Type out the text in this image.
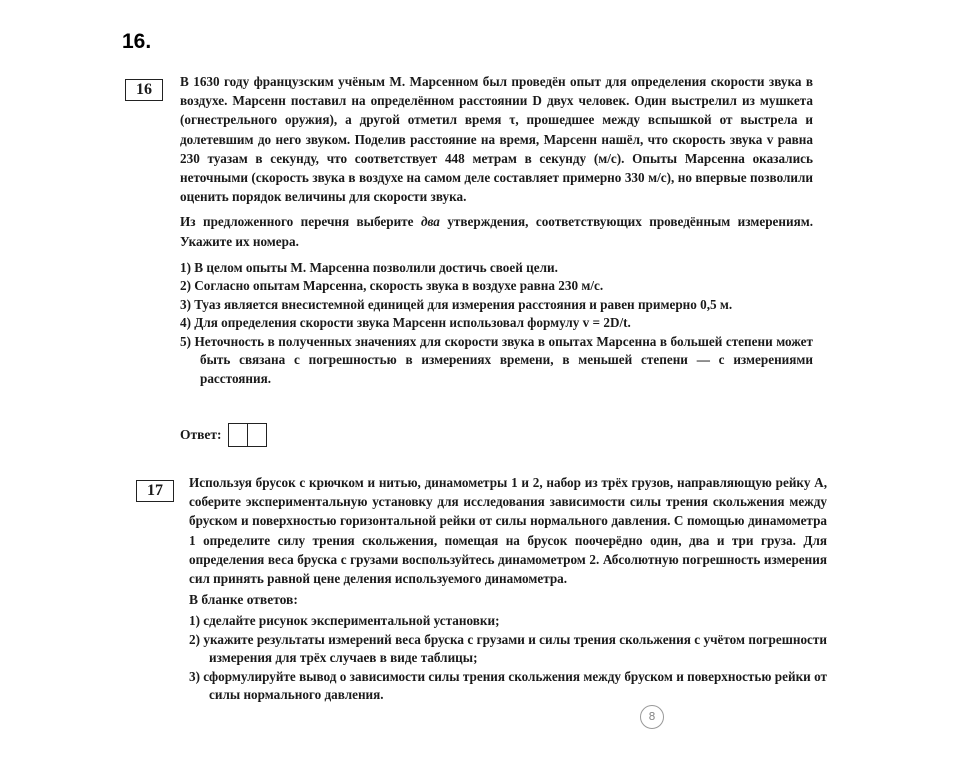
16.
16	В 1630 году французским учёным М. Марсенном был проведён опыт для определения скорости звука в воздухе. Марсенн поставил на определённом расстоянии D двух человек. Один выстрелил из мушкета (огнестрельного оружия), а другой отметил время τ, прошедшее между вспышкой от выстрела и долетевшим до него звуком. Поделив расстояние на время, Марсенн нашёл, что скорость звука v равна 230 туазам в секунду, что соответствует 448 метрам в секунду (м/с). Опыты Марсенна оказались неточными (скорость звука в воздухе на самом деле составляет примерно 330 м/с), но впервые позволили оценить порядок величины для скорости звука.

Из предложенного перечня выберите два утверждения, соответствующих проведённым измерениям. Укажите их номера.

1) В целом опыты М. Марсенна позволили достичь своей цели.

2) Согласно опытам Марсенна, скорость звука в воздухе равна 230 м/с.

3) Туаз является внесистемной единицей для измерения расстояния и равен примерно 0,5 м.

4) Для определения скорости звука Марсенн использовал формулу v = 2D/t.

5) Неточность в полученных значениях для скорости звука в опытах Марсенна в большей степени может быть связана с погрешностью в измерениях времени, в меньшей степени — с измерениями расстояния.

Ответ:
17	Используя брусок с крючком и нитью, динамометры 1 и 2, набор из трёх грузов, направляющую рейку А, соберите экспериментальную установку для исследования зависимости силы трения скольжения между бруском и поверхностью горизонтальной рейки от силы нормального давления. С помощью динамометра 1 определите силу трения скольжения, помещая на брусок поочерёдно один, два и три груза. Для определения веса бруска с грузами воспользуйтесь динамометром 2. Абсолютную погрешность измерения сил принять равной цене деления используемого динамометра.

В бланке ответов:

1) сделайте рисунок экспериментальной установки;

2) укажите результаты измерений веса бруска с грузами и силы трения скольжения с учётом погрешности измерения для трёх случаев в виде таблицы;

3) сформулируйте вывод о зависимости силы трения скольжения между бруском и поверхностью рейки от силы нормального давления.

8
